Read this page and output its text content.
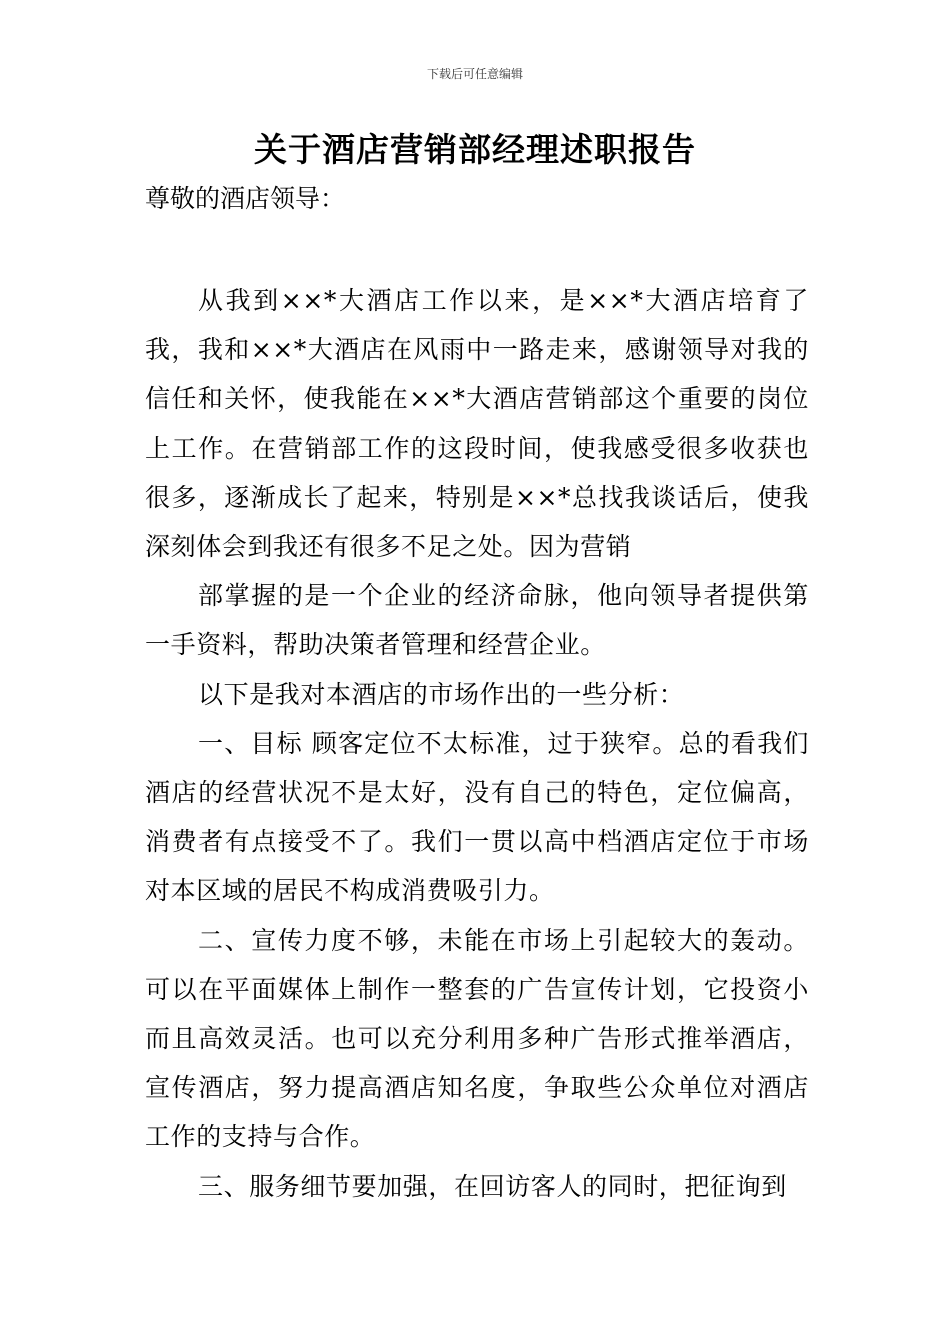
下载后可任意编辑
关于酒店营销部经理述职报告
尊敬的酒店领导：

从我到××*大酒店工作以来，是××*大酒店培育了我，我和××*大酒店在风雨中一路走来，感谢领导对我的信任和关怀，使我能在××*大酒店营销部这个重要的岗位上工作。在营销部工作的这段时间，使我感受很多收获也很多，逐渐成长了起来，特别是××*总找我谈话后，使我深刻体会到我还有很多不足之处。因为营销

部掌握的是一个企业的经济命脉，他向领导者提供第一手资料，帮助决策者管理和经营企业。

以下是我对本酒店的市场作出的一些分析：

一、目标 顾客定位不太标准，过于狭窄。总的看我们酒店的经营状况不是太好，没有自己的特色，定位偏高，消费者有点接受不了。我们一贯以高中档酒店定位于市场对本区域的居民不构成消费吸引力。

二、宣传力度不够，未能在市场上引起较大的轰动。可以在平面媒体上制作一整套的广告宣传计划，它投资小而且高效灵活。也可以充分利用多种广告形式推举酒店，宣传酒店，努力提高酒店知名度，争取些公众单位对酒店工作的支持与合作。

三、服务细节要加强，在回访客人的同时，把征询到
